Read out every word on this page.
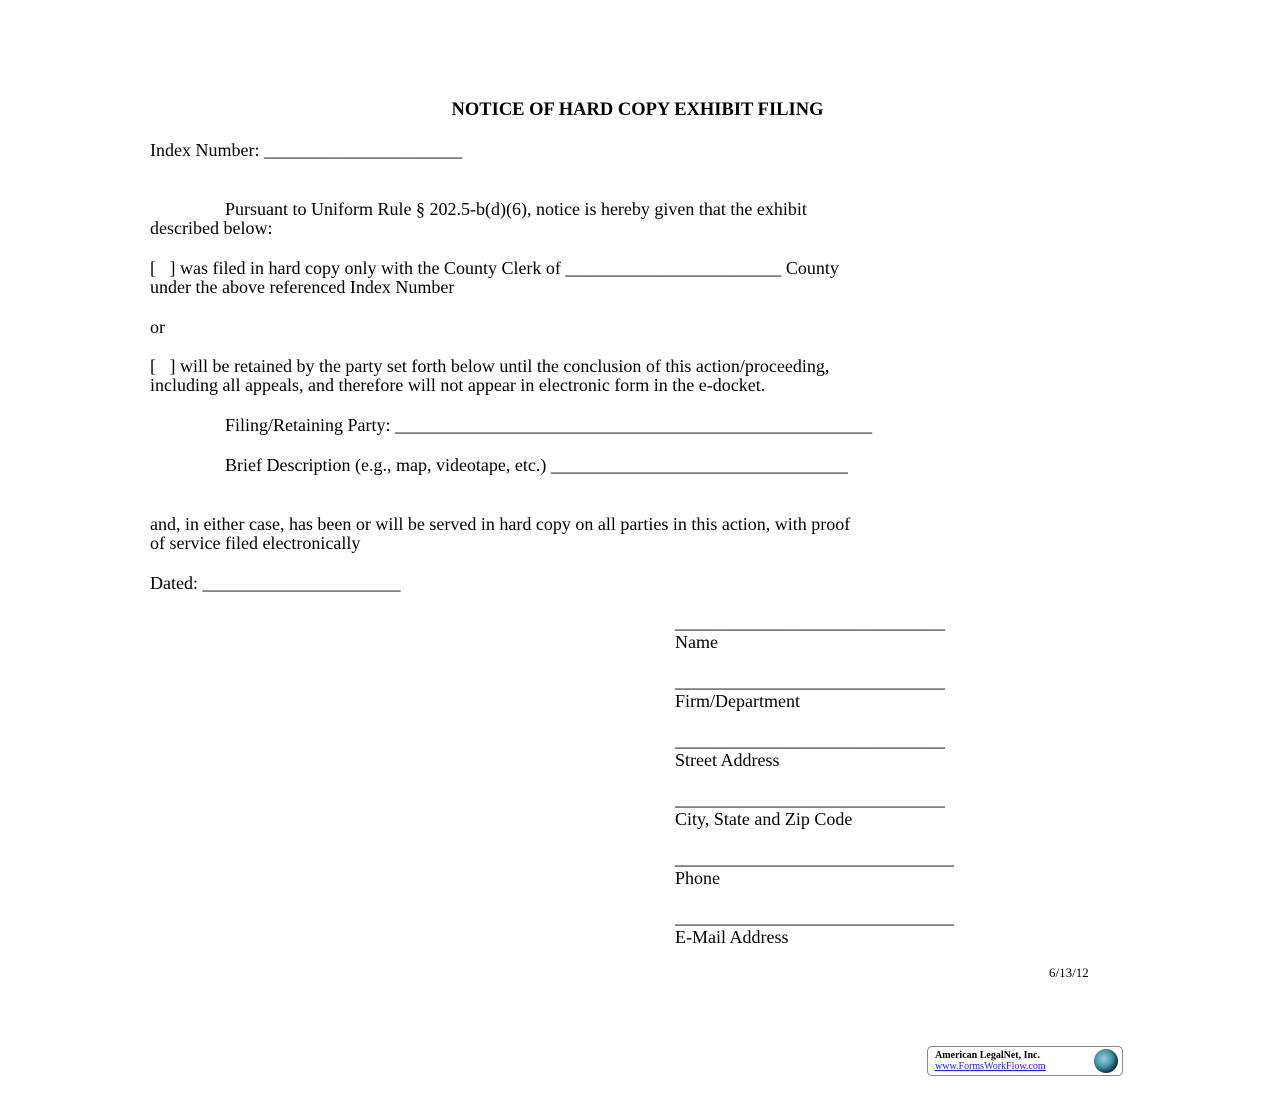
NOTICE OF HARD COPY EXHIBIT FILING
Index Number: ______________________
Pursuant to Uniform Rule § 202.5-b(d)(6), notice is hereby given that the exhibit
described below:
[   ] was filed in hard copy only with the County Clerk of ________________________ County
under the above referenced Index Number
or
[   ] will be retained by the party set forth below until the conclusion of this action/proceeding,
including all appeals, and therefore will not appear in electronic form in the e-docket.
Filing/Retaining Party: _____________________________________________________
Brief Description (e.g., map, videotape, etc.) _________________________________
and, in either case, has been or will be served in hard copy on all parties in this action, with proof
of service filed electronically
Dated: ______________________
______________________________
Name
______________________________
Firm/Department
______________________________
Street Address
______________________________
City, State and Zip Code
_______________________________
Phone
_______________________________
E-Mail Address
6/13/12
American LegalNet, Inc.
www.FormsWorkFlow.com
